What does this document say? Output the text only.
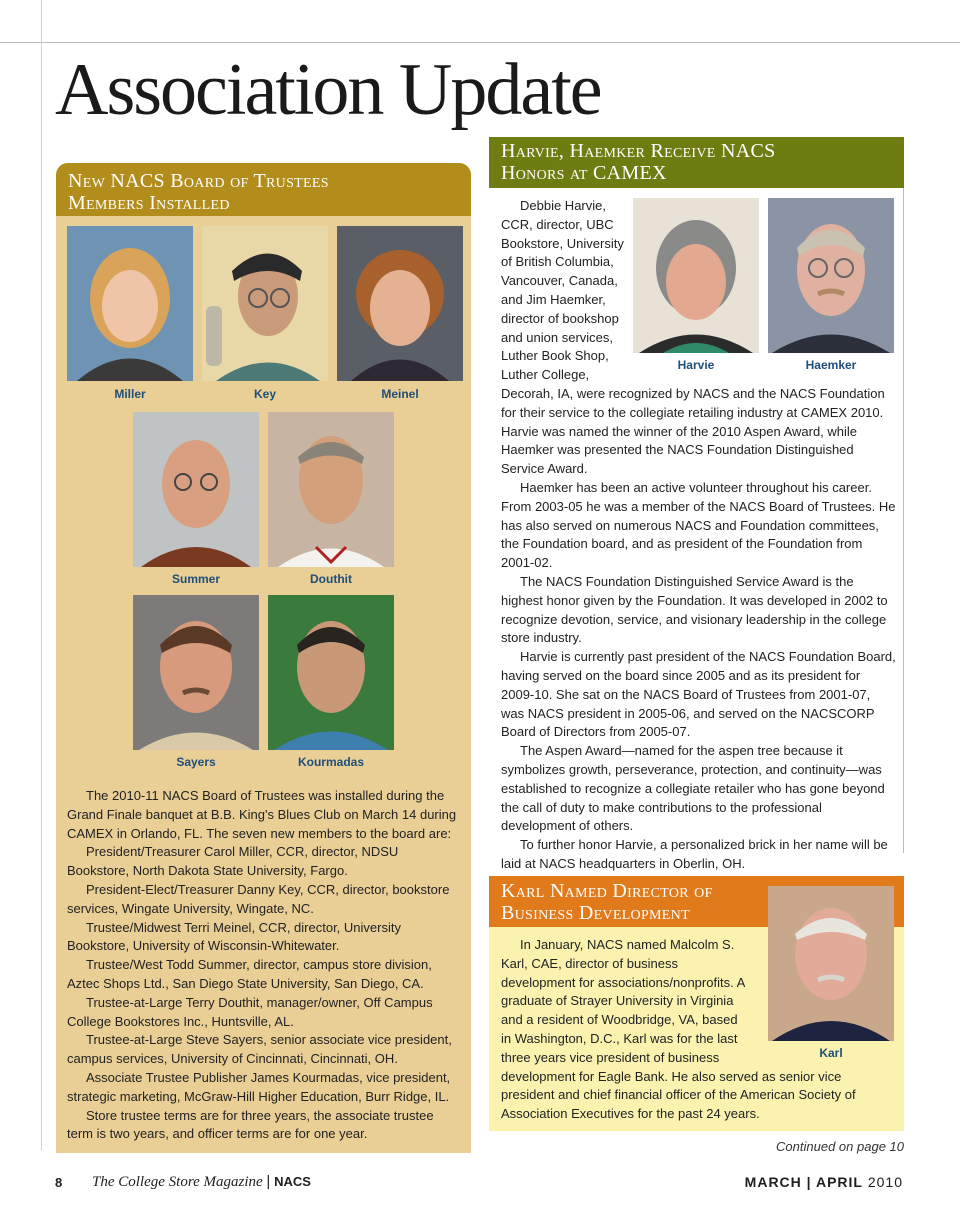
Association Update
New NACS Board of Trustees
Members Installed
Miller	Key	Meinel
Summer	Douthit
Sayers	Kourmadas

The 2010-11 NACS Board of Trustees was installed during the Grand Finale banquet at B.B. King's Blues Club on March 14 during CAMEX in Orlando, FL. The seven new members to the board are:

President/Treasurer Carol Miller, CCR, director, NDSU Bookstore, North Dakota State University, Fargo.

President-Elect/Treasurer Danny Key, CCR, director, bookstore services, Wingate University, Wingate, NC.

Trustee/Midwest Terri Meinel, CCR, director, University Bookstore, University of Wisconsin-Whitewater.

Trustee/West Todd Summer, director, campus store division, Aztec Shops Ltd., San Diego State University, San Diego, CA.

Trustee-at-Large Terry Douthit, manager/owner, Off Campus College Bookstores Inc., Huntsville, AL.

Trustee-at-Large Steve Sayers, senior associate vice president, campus services, University of Cincinnati, Cincinnati, OH.

Associate Trustee Publisher James Kourmadas, vice president, strategic marketing, McGraw-Hill Higher Education, Burr Ridge, IL.

Store trustee terms are for three years, the associate trustee term is two years, and officer terms are for one year.

Harvie, Haemker Receive NACS
Honors at CAMEX
Harvie	Haemker

Debbie Harvie, CCR, director, UBC Bookstore, University of British Columbia, Vancouver, Canada, and Jim Haemker, director of bookshop and union services, Luther Book Shop, Luther College, Decorah, IA, were recognized by NACS and the NACS Foundation for their service to the collegiate retailing industry at CAMEX 2010. Harvie was named the winner of the 2010 Aspen Award, while Haemker was presented the NACS Foundation Distinguished Service Award.

Haemker has been an active volunteer throughout his career. From 2003-05 he was a member of the NACS Board of Trustees. He has also served on numerous NACS and Foundation committees, the Foundation board, and as president of the Foundation from 2001-02.

The NACS Foundation Distinguished Service Award is the highest honor given by the Foundation. It was developed in 2002 to recognize devotion, service, and visionary leadership in the college store industry.

Harvie is currently past president of the NACS Foundation Board, having served on the board since 2005 and as its president for 2009-10. She sat on the NACS Board of Trustees from 2001-07, was NACS president in 2005-06, and served on the NACSCORP Board of Directors from 2005-07.

The Aspen Award—named for the aspen tree because it symbolizes growth, perseverance, protection, and continuity—was established to recognize a collegiate retailer who has gone beyond the call of duty to make contributions to the professional development of others.

To further honor Harvie, a personalized brick in her name will be laid at NACS headquarters in Oberlin, OH.

Karl Named Director of
Business Development
Karl

In January, NACS named Malcolm S. Karl, CAE, director of business development for associations/nonprofits. A graduate of Strayer University in Virginia and a resident of Woodbridge, VA, based in Washington, D.C., Karl was for the last three years vice president of business development for Eagle Bank. He also served as senior vice president and chief financial officer of the American Society of Association Executives for the past 24 years.

Continued on page 10
8 The College Store Magazine | NACS	MARCH | APRIL 2010
